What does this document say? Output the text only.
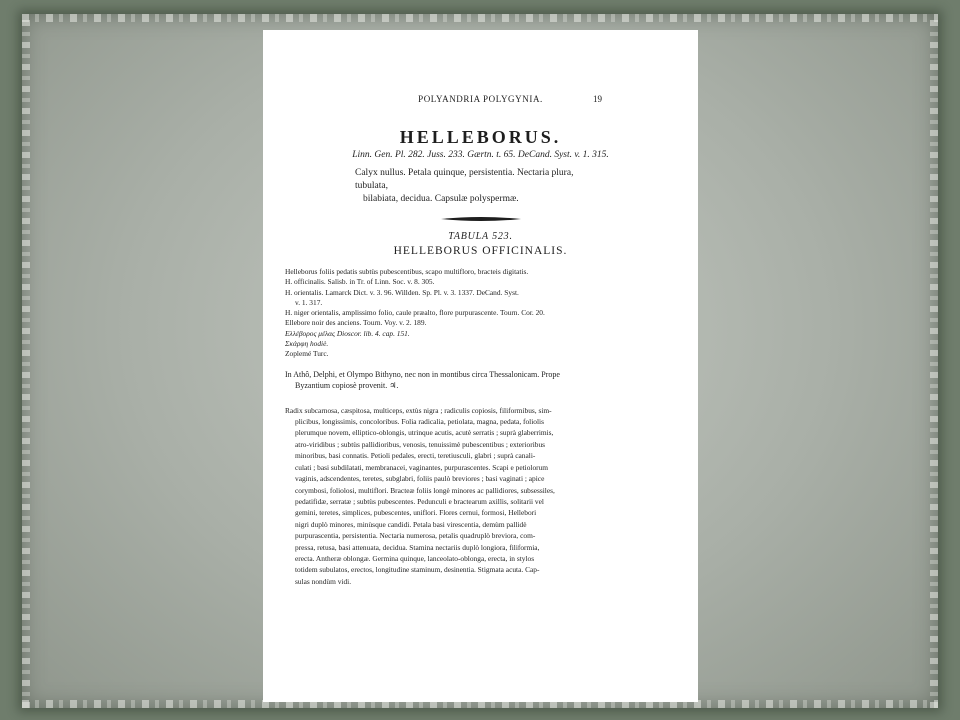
POLYANDRIA POLYGYNIA.	19
HELLEBORUS.
Linn. Gen. Pl. 282. Juss. 233. Gærtn. t. 65. DeCand. Syst. v. 1. 315.
Calyx nullus. Petala quinque, persistentia. Nectaria plura, tubulata,
bilabiata, decidua. Capsulæ polyspermæ.
TABULA 523.
HELLEBORUS OFFICINALIS.
Helleborus foliis pedatis subtùs pubescentibus, scapo multifloro, bracteis digitatis.
H. officinalis. Salisb. in Tr. of Linn. Soc. v. 8. 305.
H. orientalis. Lamarck Dict. v. 3. 96. Willden. Sp. Pl. v. 3. 1337. DeCand. Syst.
v. 1. 317.
H. niger orientalis, amplissimo folio, caule præalto, flore purpurascente. Tourn. Cor. 20.
Ellebore noir des anciens. Tourn. Voy. v. 2. 189.
Ελλέβορος μέλας Dioscor. lib. 4. cap. 151.
Σκάρφη hodiè.
Zoplemé Turc.
In Athô, Delphi, et Olympo Bithyno, nec non in montibus circa Thessalonicam. Prope
Byzantium copiosè provenit. ♃.
Radix subcarnosa, cæspitosa, multiceps, extùs nigra ; radiculis copiosis, filiformibus, sim-
plicibus, longissimis, concoloribus. Folia radicalia, petiolata, magna, pedata, foliolis
plerumque novem, elliptico-oblongis, utrinque acutis, acutè serratis ; suprà glaberrimis,
atro-viridibus ; subtùs pallidioribus, venosis, tenuissimè pubescentibus ; exterioribus
minoribus, basi connatis. Petioli pedales, erecti, teretiusculi, glabri ; suprà canali-
culati ; basi subdilatati, membranacei, vaginantes, purpurascentes. Scapi e petiolorum
vaginis, adscendentes, teretes, subglabri, foliis paulò breviores ; basi vaginati ; apice
corymbosi, foliolosi, multiflori. Bracteæ foliis longè minores ac pallidiores, subsessiles,
pedatifidæ, serratæ ; subtùs pubescentes. Pedunculi e bractearum axillis, solitarii vel
gemini, teretes, simplices, pubescentes, uniflori. Flores cernui, formosi, Hellebori
nigri duplò minores, minùsque candidi. Petala basi virescentia, demùm pallidè
purpurascentia, persistentia. Nectaria numerosa, petalis quadruplò breviora, com-
pressa, retusa, basi attenuata, decidua. Stamina nectariis duplò longiora, filiformia,
erecta. Antheræ oblongæ. Germina quinque, lanceolato-oblonga, erecta, in stylos
totidem subulatos, erectos, longitudine staminum, desinentia. Stigmata acuta. Cap-
sulas nondùm vidi.
